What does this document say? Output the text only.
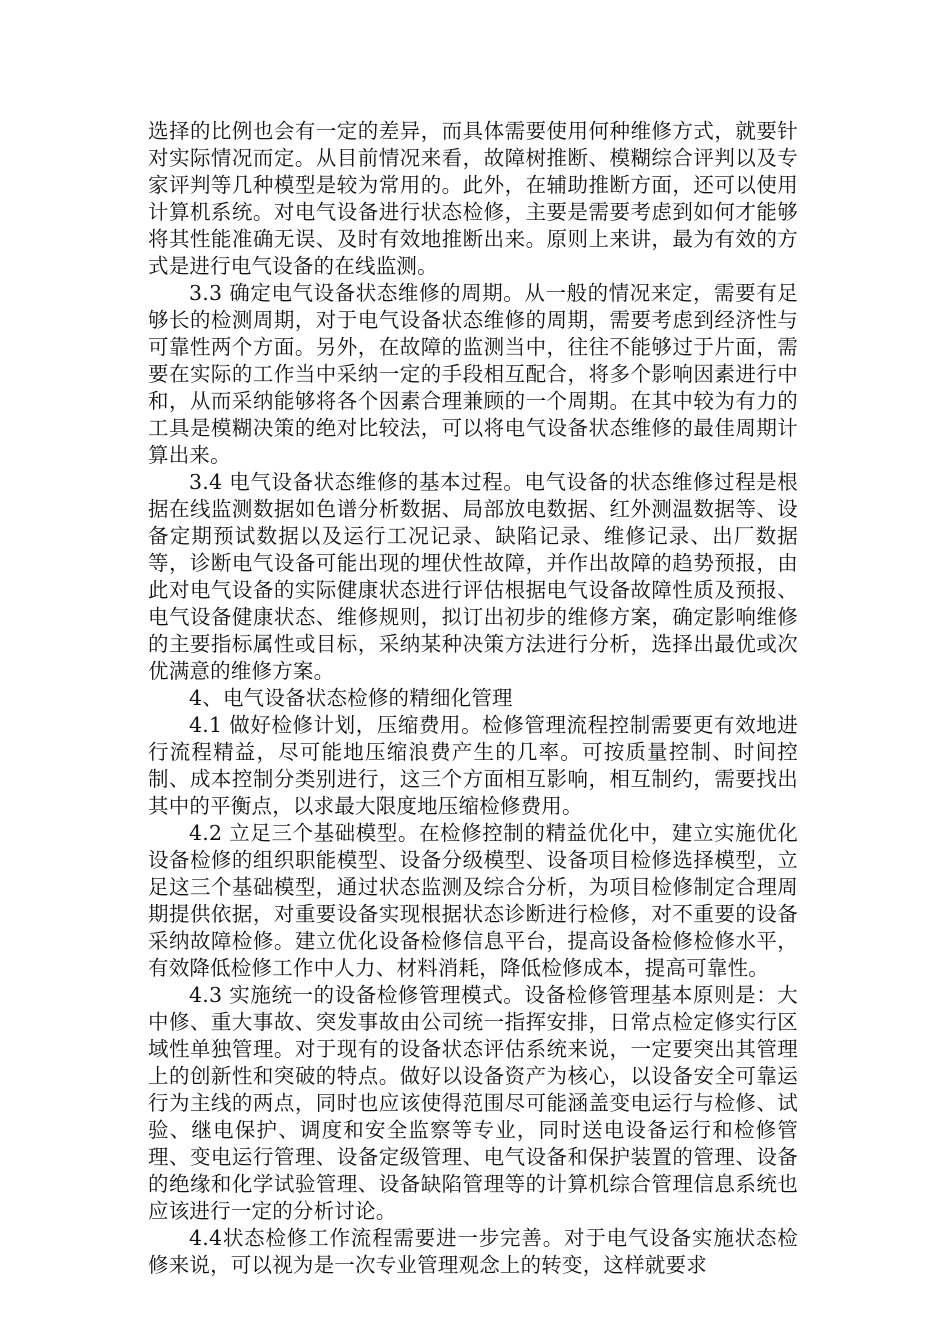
选择的比例也会有一定的差异，而具体需要使用何种维修方式，就要针对实际情况而定。从目前情况来看，故障树推断、模糊综合评判以及专家评判等几种模型是较为常用的。此外，在辅助推断方面，还可以使用计算机系统。对电气设备进行状态检修，主要是需要考虑到如何才能够将其性能准确无误、及时有效地推断出来。原则上来讲，最为有效的方式是进行电气设备的在线监测。

3.3 确定电气设备状态维修的周期。从一般的情况来定，需要有足够长的检测周期，对于电气设备状态维修的周期，需要考虑到经济性与可靠性两个方面。另外，在故障的监测当中，往往不能够过于片面，需要在实际的工作当中采纳一定的手段相互配合，将多个影响因素进行中和，从而采纳能够将各个因素合理兼顾的一个周期。在其中较为有力的工具是模糊决策的绝对比较法，可以将电气设备状态维修的最佳周期计算出来。

3.4 电气设备状态维修的基本过程。电气设备的状态维修过程是根据在线监测数据如色谱分析数据、局部放电数据、红外测温数据等、设备定期预试数据以及运行工况记录、缺陷记录、维修记录、出厂数据等，诊断电气设备可能出现的埋伏性故障，并作出故障的趋势预报，由此对电气设备的实际健康状态进行评估根据电气设备故障性质及预报、电气设备健康状态、维修规则，拟订出初步的维修方案，确定影响维修的主要指标属性或目标，采纳某种决策方法进行分析，选择出最优或次优满意的维修方案。

4、电气设备状态检修的精细化管理

4.1 做好检修计划，压缩费用。检修管理流程控制需要更有效地进行流程精益，尽可能地压缩浪费产生的几率。可按质量控制、时间控制、成本控制分类别进行，这三个方面相互影响，相互制约，需要找出其中的平衡点，以求最大限度地压缩检修费用。

4.2 立足三个基础模型。在检修控制的精益优化中，建立实施优化设备检修的组织职能模型、设备分级模型、设备项目检修选择模型，立足这三个基础模型，通过状态监测及综合分析，为项目检修制定合理周期提供依据，对重要设备实现根据状态诊断进行检修，对不重要的设备采纳故障检修。建立优化设备检修信息平台，提高设备检修检修水平，有效降低检修工作中人力、材料消耗，降低检修成本，提高可靠性。

4.3 实施统一的设备检修管理模式。设备检修管理基本原则是：大中修、重大事故、突发事故由公司统一指挥安排，日常点检定修实行区域性单独管理。对于现有的设备状态评估系统来说，一定要突出其管理上的创新性和突破的特点。做好以设备资产为核心，以设备安全可靠运行为主线的两点，同时也应该使得范围尽可能涵盖变电运行与检修、试验、继电保护、调度和安全监察等专业，同时送电设备运行和检修管理、变电运行管理、设备定级管理、电气设备和保护装置的管理、设备的绝缘和化学试验管理、设备缺陷管理等的计算机综合管理信息系统也应该进行一定的分析讨论。

4.4状态检修工作流程需要进一步完善。对于电气设备实施状态检修来说，可以视为是一次专业管理观念上的转变，这样就要求
